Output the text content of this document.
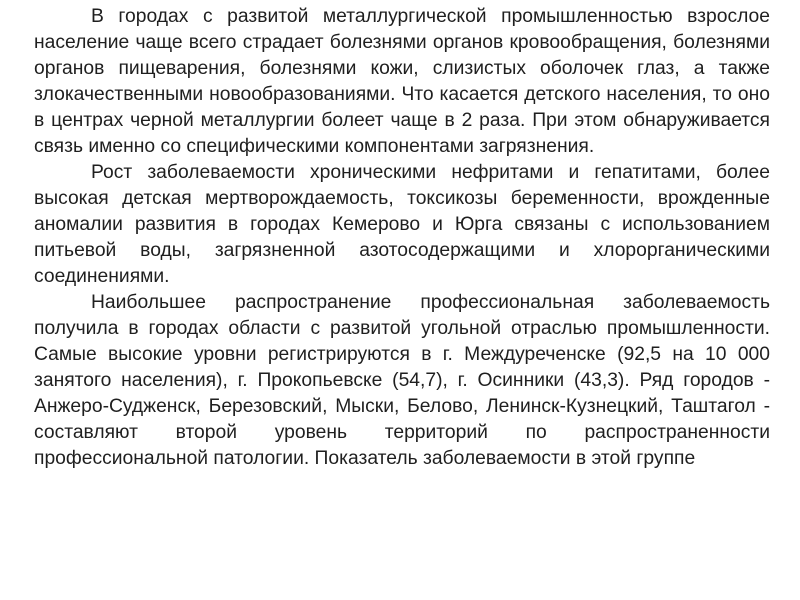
В городах с развитой металлургической промышленностью взрослое население чаще всего страдает болезнями органов кровообращения, болезнями органов пищеварения, болезнями кожи, слизистых оболочек глаз, а также злокачественными новообразованиями. Что касается детского населения, то оно в центрах черной металлургии болеет чаще в 2 раза. При этом обнаруживается связь именно со специфическими компонентами загрязнения.

Рост заболеваемости хроническими нефритами и гепатитами, более высокая детская мертворождаемость, токсикозы беременности, врожденные аномалии развития в городах Кемерово и Юрга связаны с использованием питьевой воды, загрязненной азотосодержащими и хлорорганическими соединениями.

Наибольшее распространение профессиональная заболеваемость получила в городах области с развитой угольной отраслью промышленности. Самые высокие уровни регистрируются в г. Междуреченске (92,5 на 10 000 занятого населения), г. Прокопьевске (54,7), г. Осинники (43,3). Ряд городов - Анжеро-Судженск, Березовский, Мыски, Белово, Ленинск-Кузнецкий, Таштагол - составляют второй уровень территорий по распространенности профессиональной патологии. Показатель заболеваемости в этой группе
